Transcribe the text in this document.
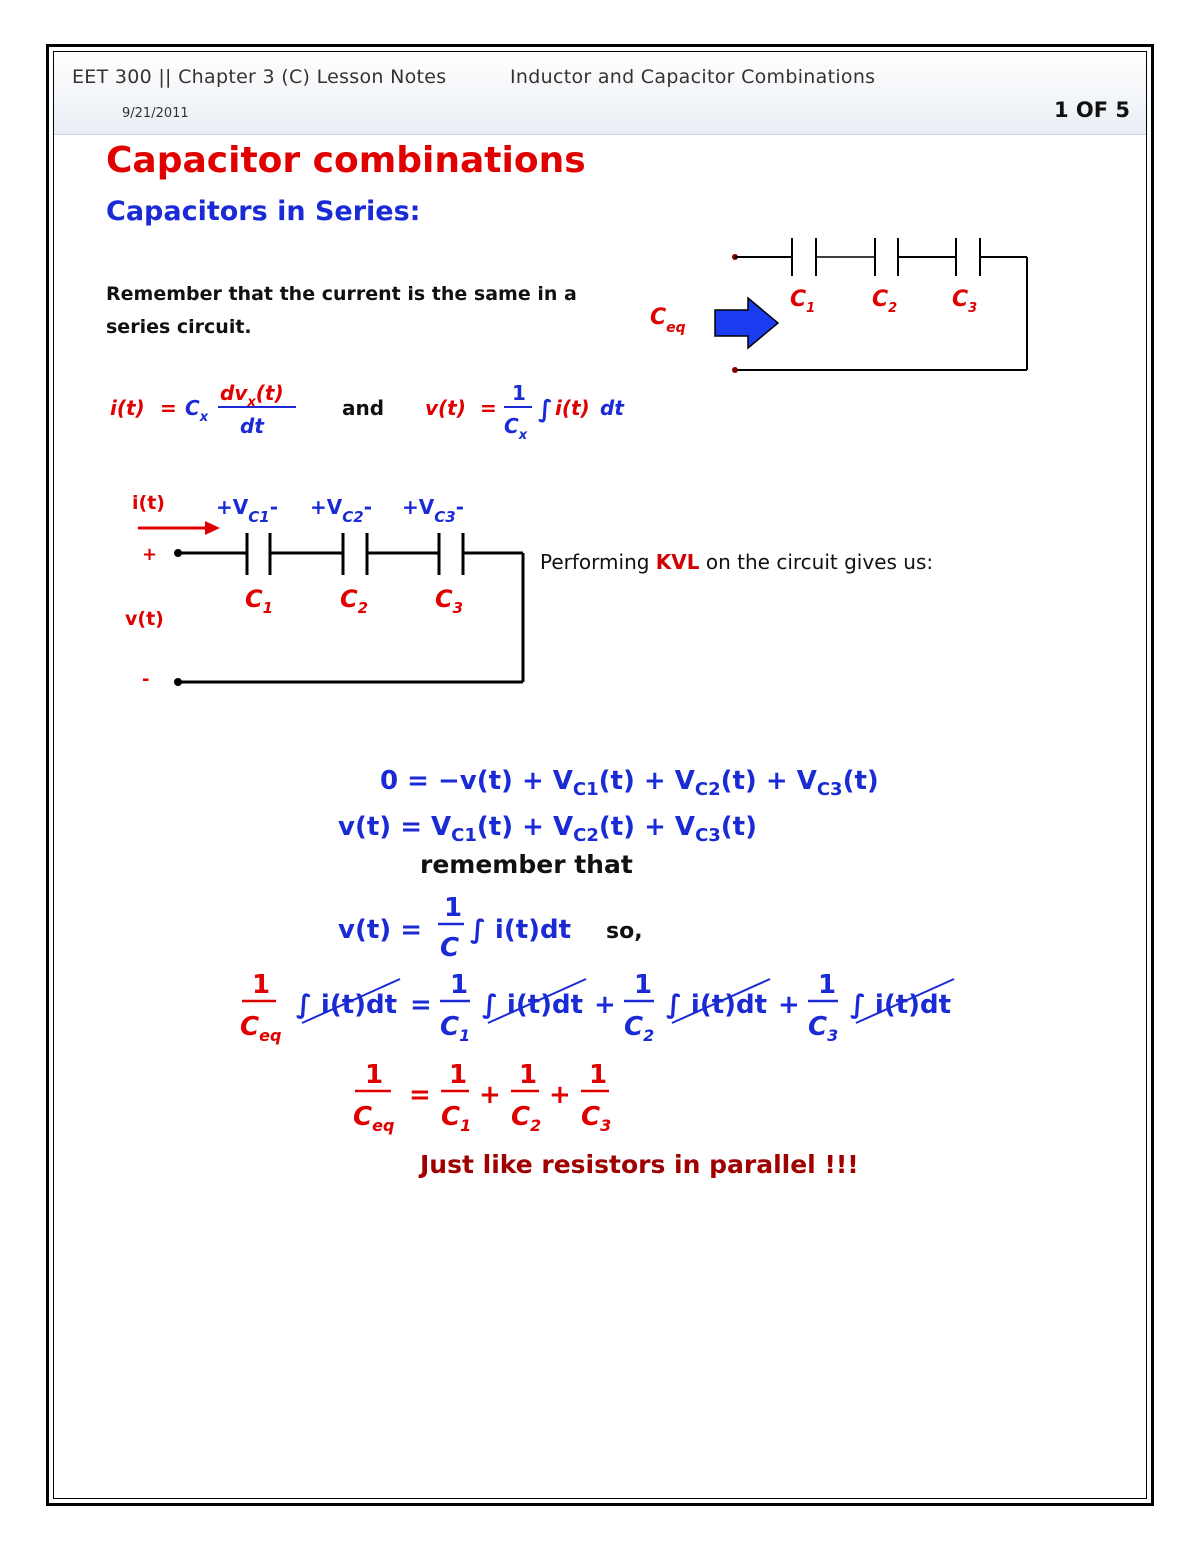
EET 300 || Chapter 3 (C) Lesson Notes	Inductor and Capacitor Combinations
9/21/2011	1 OF 5
Capacitor combinations
Capacitors in Series:
Remember that the current is the same in a
series circuit.	$C_{eq}$
$C_1$	$C_2$ $C_3$
$i(t) = C_x$
$dv_x(t)$
dt
and v(t) =
1
$C_x$
∫ i(t) dt
i(t)
+
v(t)
-
$+V_{C1}- +V_{C2}- +V_{C3}-$
$C_1$	$C_2$	$C_3$
Performing KVL on the circuit gives us:
$0 = -v(t) + V_{C1}(t) + V_{C2}(t) + V_{C3}(t)$
$v(t) = V_{C1}(t) + V_{C2}(t) + V_{C3}(t)$
remember that
v(t) =
1
C
∫ i(t)dt so,
1
$C_{eq}$
∫ i(t)dt =
1
$C_1$
∫ i(t)dt +
1
$C_2$
∫ i(t)dt +
1
$C_3$
∫ i(t)dt
1
$C_{eq}$
=
1
$C_1$
+
1
$C_2$
+
1
$C_3$
Just like resistors in parallel !!!
